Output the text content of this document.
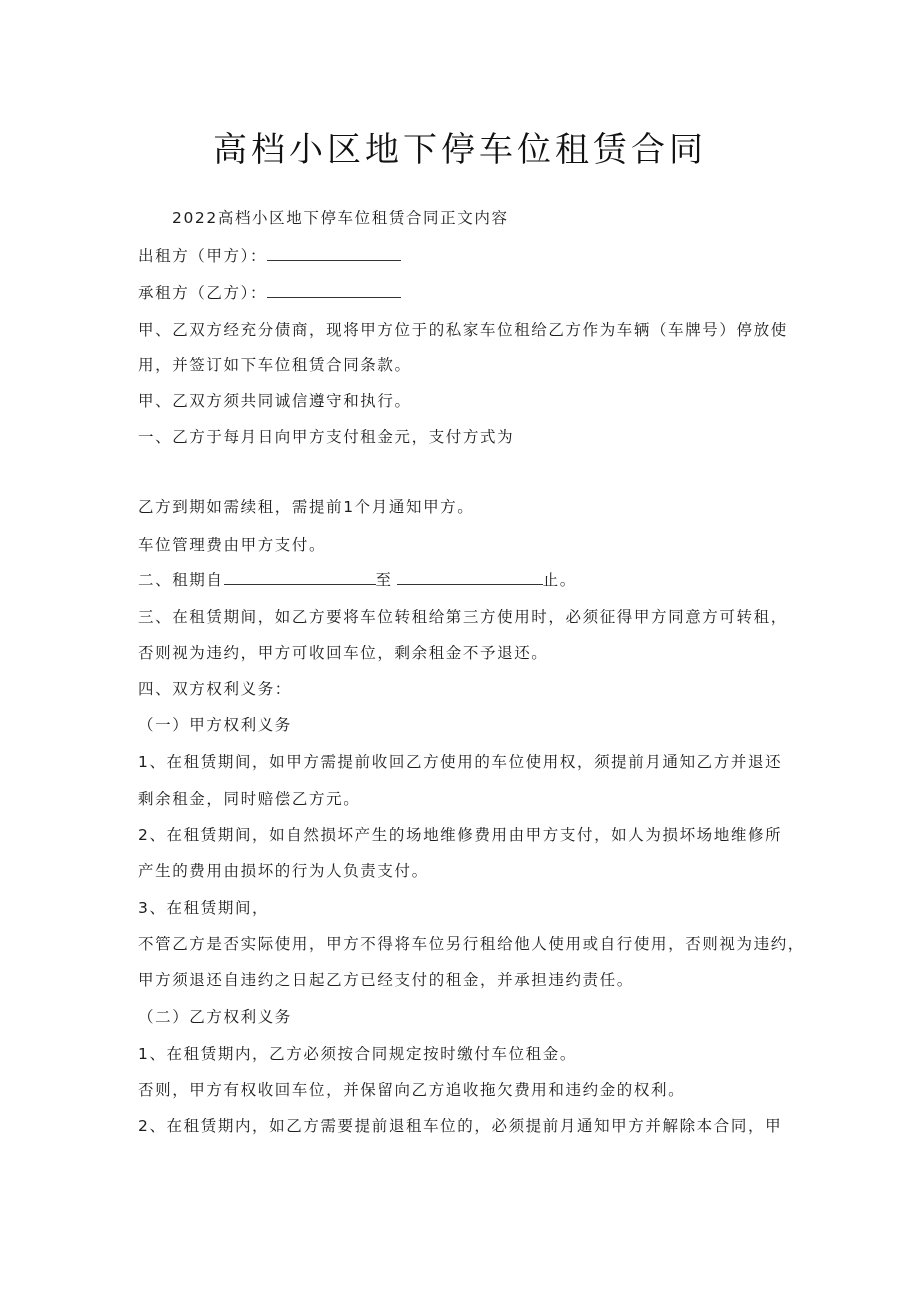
高档小区地下停车位租赁合同
2022高档小区地下停车位租赁合同正文内容
出租方（甲方）：
承租方（乙方）：
甲、乙双方经充分债商，现将甲方位于的私家车位租给乙方作为车辆（车牌号）停放使
用，并签订如下车位租赁合同条款。
甲、乙双方须共同诚信遵守和执行。
一、乙方于每月日向甲方支付租金元，支付方式为
乙方到期如需续租，需提前1个月通知甲方。
车位管理费由甲方支付。
二、租期自	至	止。
三、在租赁期间，如乙方要将车位转租给第三方使用时，必须征得甲方同意方可转租，
否则视为违约，甲方可收回车位，剩余租金不予退还。
四、双方权利义务：
（一）甲方权利义务
1、在租赁期间，如甲方需提前收回乙方使用的车位使用权，须提前月通知乙方并退还
剩余租金，同时赔偿乙方元。
2、在租赁期间，如自然损坏产生的场地维修费用由甲方支付，如人为损坏场地维修所
产生的费用由损坏的行为人负责支付。
3、在租赁期间，
不管乙方是否实际使用，甲方不得将车位另行租给他人使用或自行使用，否则视为违约，
甲方须退还自违约之日起乙方已经支付的租金，并承担违约责任。
（二）乙方权利义务
1、在租赁期内，乙方必须按合同规定按时缴付车位租金。
否则，甲方有权收回车位，并保留向乙方追收拖欠费用和违约金的权利。
2、在租赁期内，如乙方需要提前退租车位的，必须提前月通知甲方并解除本合同，甲
